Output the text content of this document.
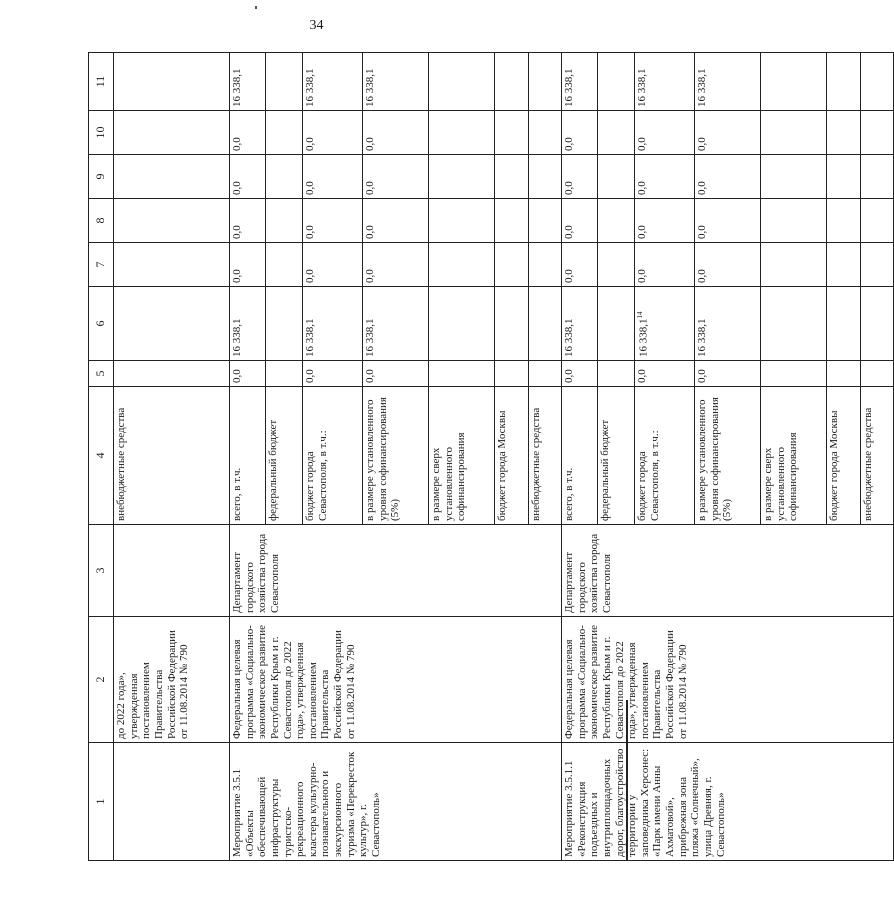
34
1	2	3	4	5	6	7	8	9	10	11
	до 2022 года», утвержденная постановлением Правительства Российской Федерации от 11.08.2014 № 790		внебюджетные средства							
Мероприятие 3.5.1 «Объекты обеспечивающей инфраструктуры туристско-рекреационного кластера культурно-познавательного и экскурсионного туризма «Перекресток культур», г. Севастополь»	Федеральная целевая программа «Социально-экономическое развитие Республики Крым и г. Севастополя до 2022 года», утвержденная постановлением Правительства Российской Федерации от 11.08.2014 № 790	Департамент городского хозяйства города Севастополя	всего, в т.ч.	0,0	16 338,1	0,0	0,0	0,0	0,0	16 338,1
			федеральный бюджет							
			бюджет города Севастополя, в т.ч.:	0,0	16 338,1	0,0	0,0	0,0	0,0	16 338,1
			в размере установленного уровня софинансирования (5%)	0,0	16 338,1	0,0	0,0	0,0	0,0	16 338,1
			в размере сверх установленного софинансирования							
			бюджет города Москвы							
			внебюджетные средства							
Мероприятие 3.5.1.1 «Реконструкция подъездных и внутриплощадочных дорог, благоустройство территории у заповедника Херсонес: «Парк имени Анны Ахматовой», прибрежная зона пляжа «Солнечный», улица Древняя, г. Севастополь»	Федеральная целевая программа «Социально-экономическое развитие Республики Крым и г. Севастополя до 2022 года», утвержденная постановлением Правительства Российской Федерации от 11.08.2014 № 790	Департамент городского хозяйства города Севастополя	всего, в т.ч.	0,0	16 338,1	0,0	0,0	0,0	0,0	16 338,1
			федеральный бюджет							
			бюджет города Севастополя, в т.ч.:	0,0	16 338,1$^{14}$	0,0	0,0	0,0	0,0	16 338,1
			в размере установленного уровня софинансирования (5%)	0,0	16 338,1	0,0	0,0	0,0	0,0	16 338,1
			в размере сверх установленного софинансирования							
			бюджет города Москвы							
			внебюджетные средства							
